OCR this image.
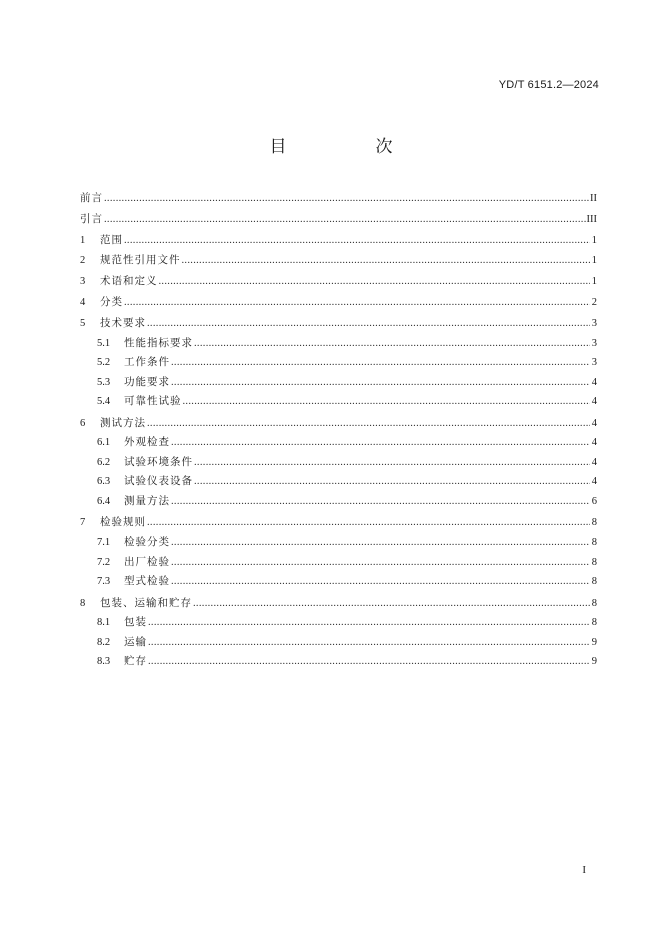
YD/T 6151.2—2024
目　次
前言 .....	II
引言 .....	III
1	范围 .....	1
2	规范性引用文件 .....	1
3	术语和定义 .....	1
4	分类 .....	2
5	技术要求 .....	3
5.1	性能指标要求 .....	3
5.2	工作条件 .....	3
5.3	功能要求 .....	4
5.4	可靠性试验 .....	4
6	测试方法 .....	4
6.1	外观检查 .....	4
6.2	试验环境条件 .....	4
6.3	试验仪表设备 .....	4
6.4	测量方法 .....	6
7	检验规则 .....	8
7.1	检验分类 .....	8
7.2	出厂检验 .....	8
7.3	型式检验 .....	8
8	包装、运输和贮存 .....	8
8.1	包装 .....	8
8.2	运输 .....	9
8.3	贮存 .....	9
I
